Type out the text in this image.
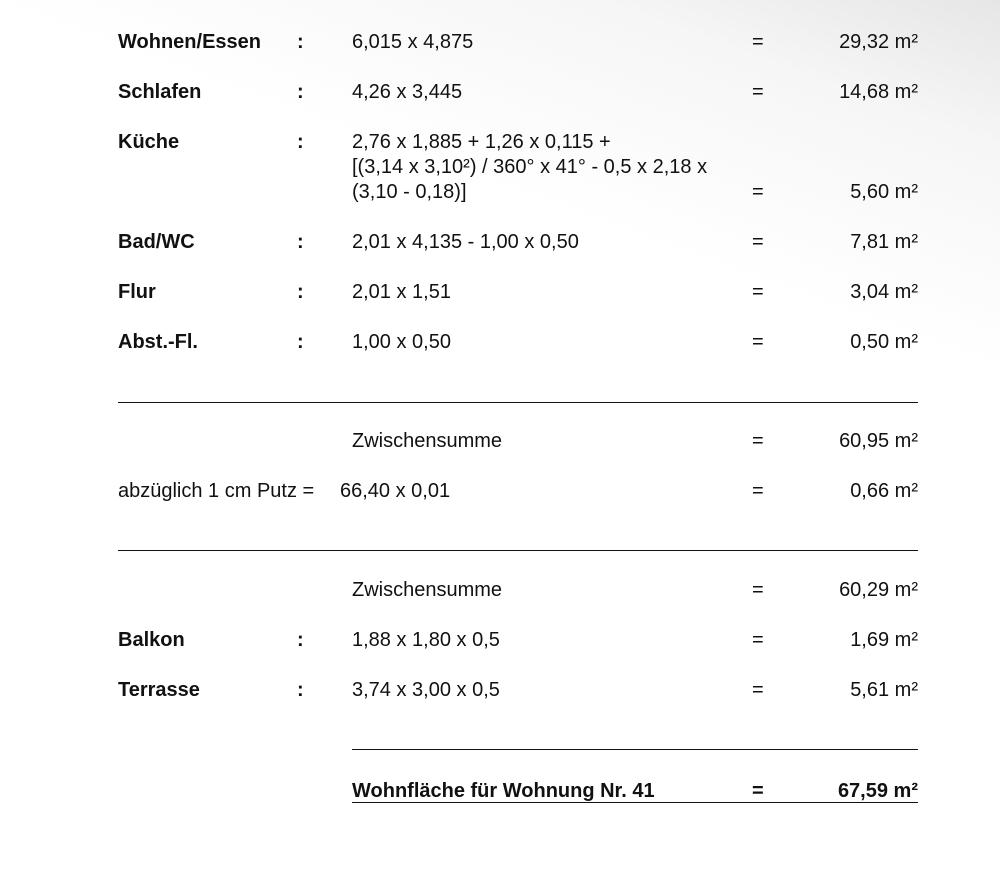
Wohnen/Essen : 6,015 x 4,875	=	29,32 m²
Schlafen	: 4,26 x 3,445	=	14,68 m²
Küche	: 2,76 x 1,885 + 1,26 x 0,115 +
[(3,14 x 3,10²) / 360° x 41° - 0,5 x 2,18 x
(3,10 - 0,18)]	=	5,60 m²
Bad/WC	: 2,01 x 4,135 - 1,00 x 0,50	=	7,81 m²
Flur	: 2,01 x 1,51	=	3,04 m²
Abst.-Fl.	: 1,00 x 0,50	=	0,50 m²
Zwischensumme	=	60,95 m²
abzüglich 1 cm Putz = 66,40 x 0,01	=	0,66 m²
Zwischensumme	=	60,29 m²
Balkon	: 1,88 x 1,80 x 0,5	=	1,69 m²
Terrasse	: 3,74 x 3,00 x 0,5	=	5,61 m²
Wohnfläche für Wohnung Nr. 41	=	67,59 m²
